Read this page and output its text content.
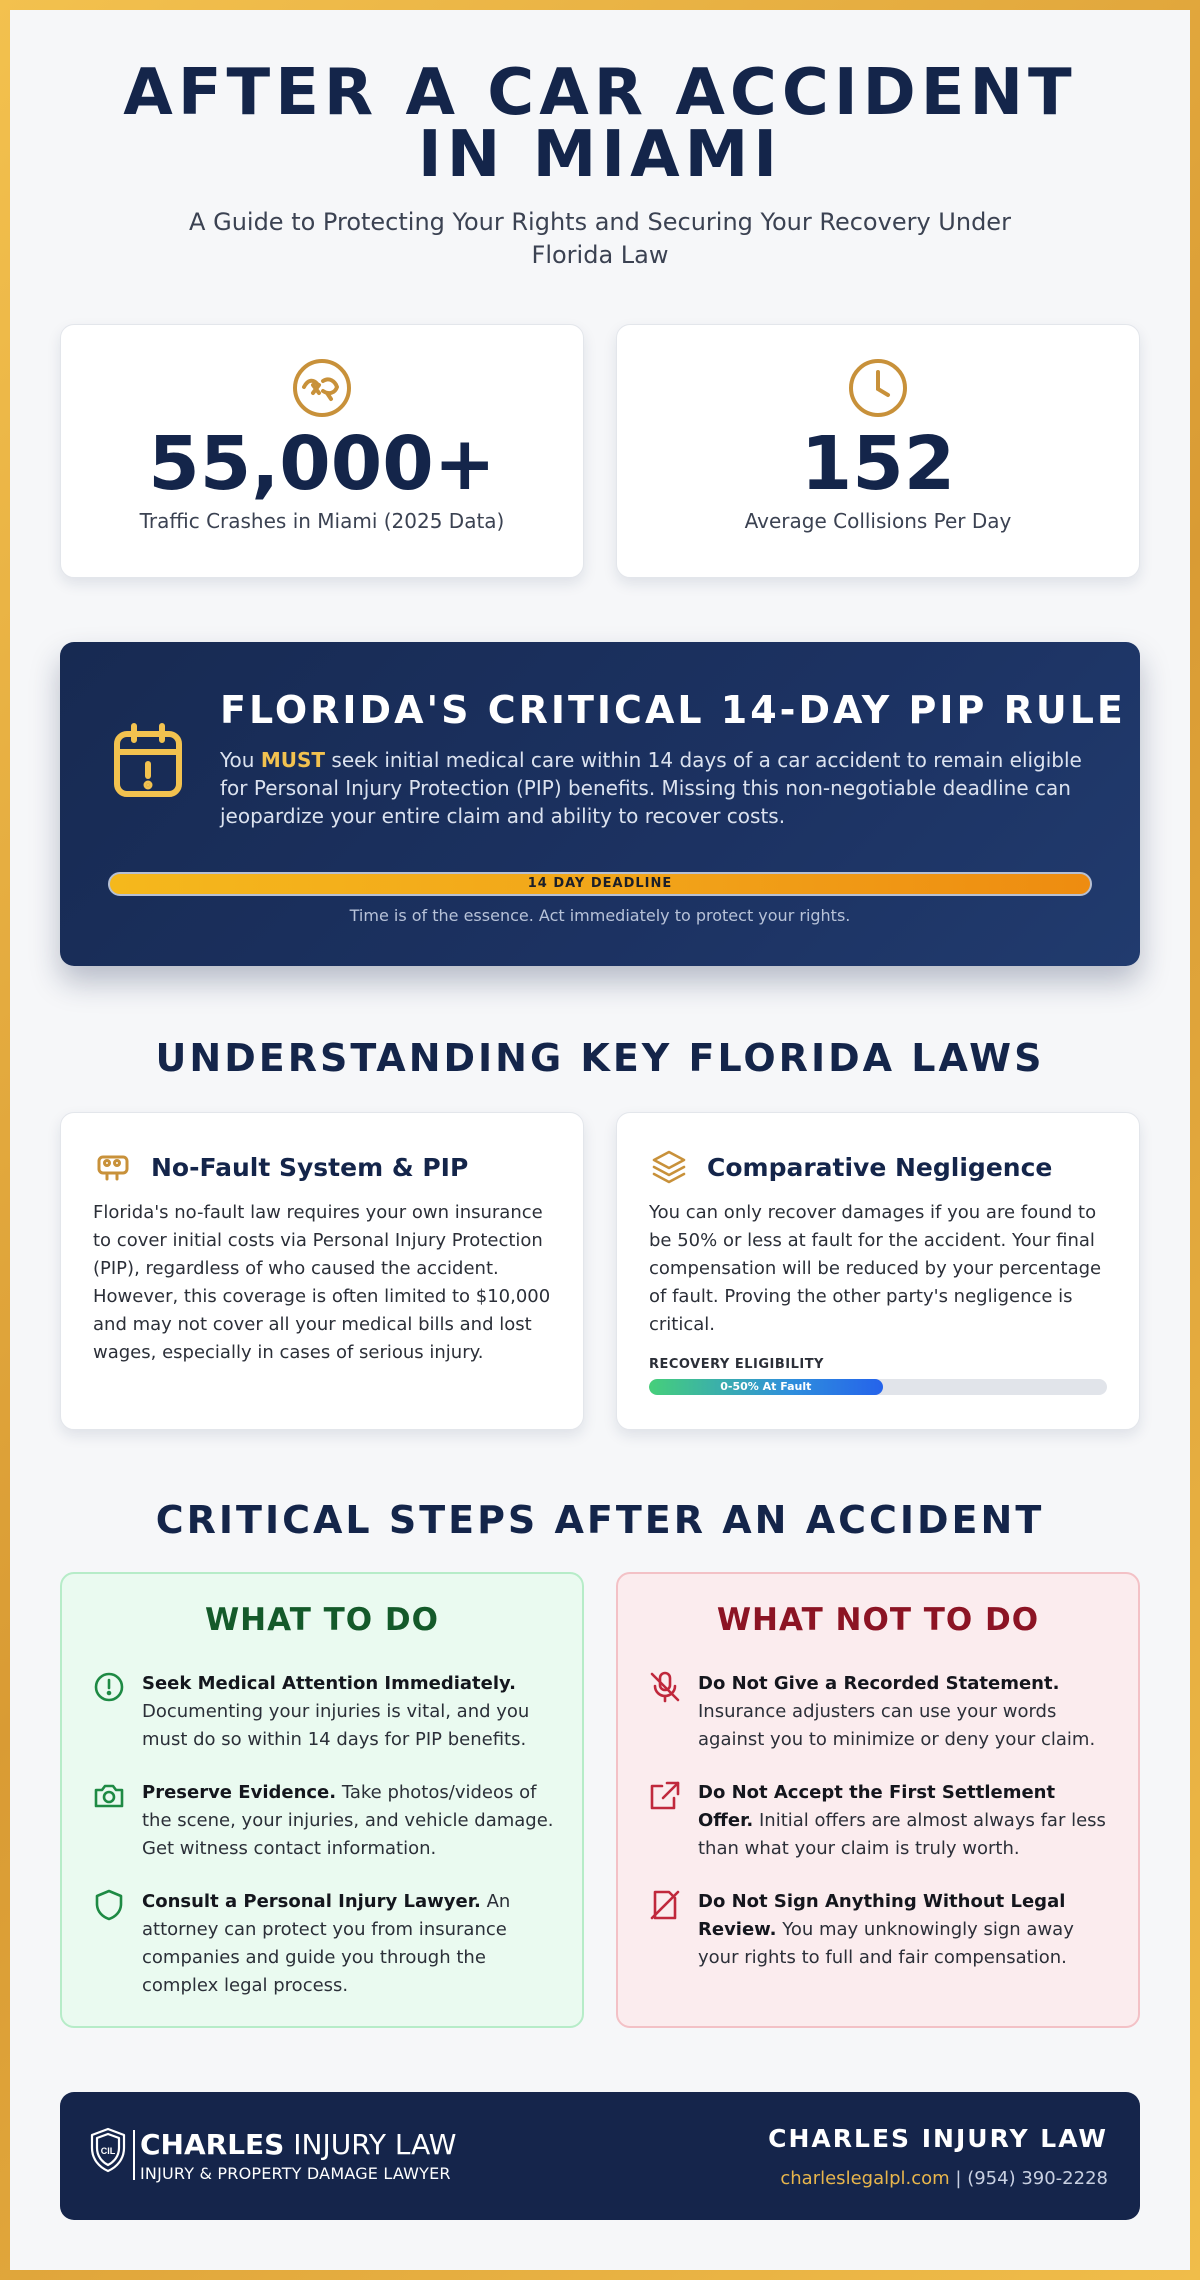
AFTER A CAR ACCIDENT IN MIAMI

A Guide to Protecting Your Rights and Securing Your Recovery Under Florida Law

55,000+
Traffic Crashes in Miami (2025 Data)
152
Average Collisions Per Day
FLORIDA'S CRITICAL 14-DAY PIP RULE

You MUST seek initial medical care within 14 days of a car accident to remain eligible for Personal Injury Protection (PIP) benefits. Missing this non-negotiable deadline can jeopardize your entire claim and ability to recover costs.

14 DAY DEADLINE
Time is of the essence. Act immediately to protect your rights.
UNDERSTANDING KEY FLORIDA LAWS
No-Fault System & PIP

Florida's no-fault law requires your own insurance to cover initial costs via Personal Injury Protection (PIP), regardless of who caused the accident. However, this coverage is often limited to $10,000 and may not cover all your medical bills and lost wages, especially in cases of serious injury.

Comparative Negligence

You can only recover damages if you are found to be 50% or less at fault for the accident. Your final compensation will be reduced by your percentage of fault. Proving the other party's negligence is critical.

RECOVERY ELIGIBILITY
0-50% At Fault
CRITICAL STEPS AFTER AN ACCIDENT
WHAT TO DO

Seek Medical Attention Immediately. Documenting your injuries is vital, and you must do so within 14 days for PIP benefits.

Preserve Evidence. Take photos/videos of the scene, your injuries, and vehicle damage. Get witness contact information.

Consult a Personal Injury Lawyer. An attorney can protect you from insurance companies and guide you through the complex legal process.

WHAT NOT TO DO

Do Not Give a Recorded Statement. Insurance adjusters can use your words against you to minimize or deny your claim.

Do Not Accept the First Settlement Offer. Initial offers are almost always far less than what your claim is truly worth.

Do Not Sign Anything Without Legal Review. You may unknowingly sign away your rights to full and fair compensation.

CIL CHARLES INJURY LAW
INJURY & PROPERTY DAMAGE LAWYER
CHARLES INJURY LAW
charleslegalpl.com | (954) 390-2228
